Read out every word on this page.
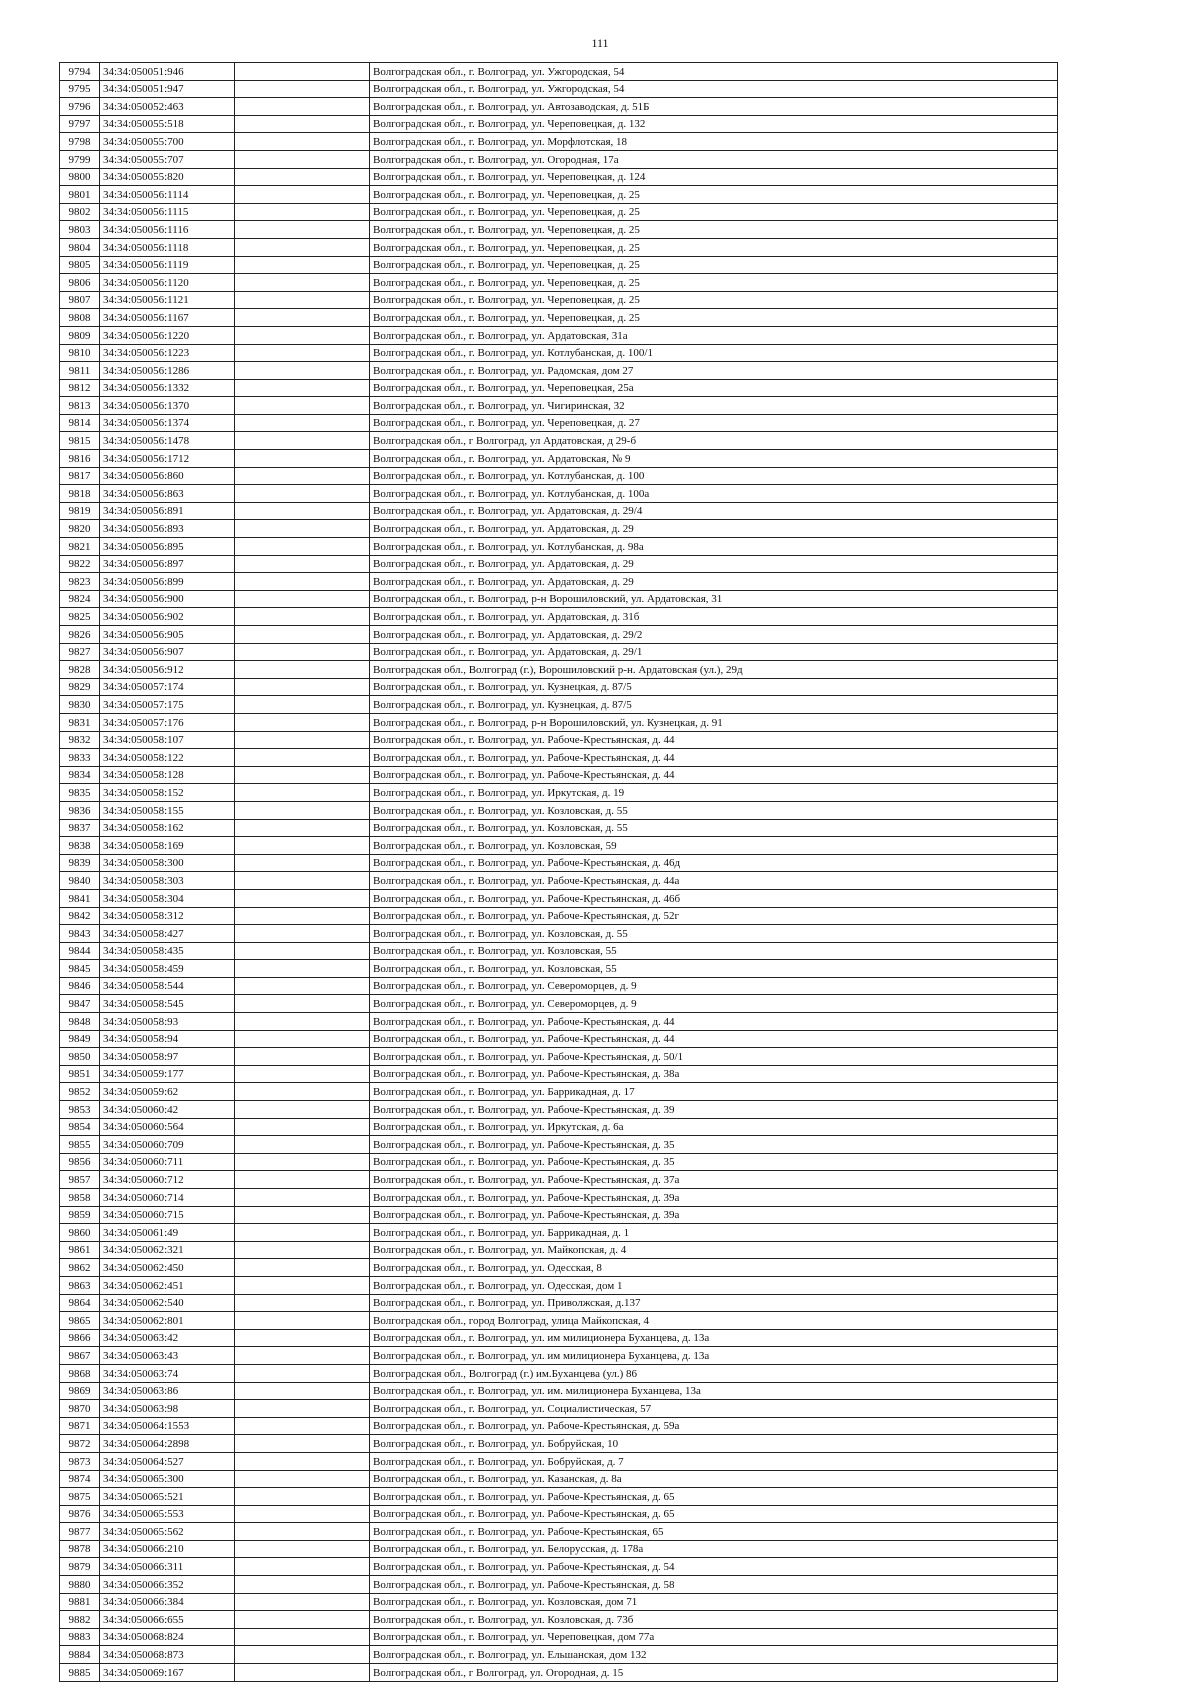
111
9794	34:34:050051:946		Волгоградская обл., г. Волгоград, ул. Ужгородская, 54
9795	34:34:050051:947		Волгоградская обл., г. Волгоград, ул. Ужгородская, 54
9796	34:34:050052:463		Волгоградская обл., г. Волгоград, ул. Автозаводская, д. 51Б
9797	34:34:050055:518		Волгоградская обл., г. Волгоград, ул. Череповецкая, д. 132
9798	34:34:050055:700		Волгоградская обл., г. Волгоград, ул. Морфлотская, 18
9799	34:34:050055:707		Волгоградская обл., г. Волгоград, ул. Огородная, 17а
9800	34:34:050055:820		Волгоградская обл., г. Волгоград, ул. Череповецкая, д. 124
9801	34:34:050056:1114		Волгоградская обл., г. Волгоград, ул. Череповецкая, д. 25
9802	34:34:050056:1115		Волгоградская обл., г. Волгоград, ул. Череповецкая, д. 25
9803	34:34:050056:1116		Волгоградская обл., г. Волгоград, ул. Череповецкая, д. 25
9804	34:34:050056:1118		Волгоградская обл., г. Волгоград, ул. Череповецкая, д. 25
9805	34:34:050056:1119		Волгоградская обл., г. Волгоград, ул. Череповецкая, д. 25
9806	34:34:050056:1120		Волгоградская обл., г. Волгоград, ул. Череповецкая, д. 25
9807	34:34:050056:1121		Волгоградская обл., г. Волгоград, ул. Череповецкая, д. 25
9808	34:34:050056:1167		Волгоградская обл., г. Волгоград, ул. Череповецкая, д. 25
9809	34:34:050056:1220		Волгоградская обл., г. Волгоград, ул. Ардатовская, 31а
9810	34:34:050056:1223		Волгоградская обл., г. Волгоград, ул. Котлубанская, д. 100/1
9811	34:34:050056:1286		Волгоградская обл., г. Волгоград, ул. Радомская, дом 27
9812	34:34:050056:1332		Волгоградская обл., г. Волгоград, ул. Череповецкая, 25а
9813	34:34:050056:1370		Волгоградская обл., г. Волгоград, ул. Чигиринская, 32
9814	34:34:050056:1374		Волгоградская обл., г. Волгоград, ул. Череповецкая, д. 27
9815	34:34:050056:1478		Волгоградская обл., г Волгоград, ул Ардатовская, д 29-б
9816	34:34:050056:1712		Волгоградская обл., г. Волгоград, ул. Ардатовская, № 9
9817	34:34:050056:860		Волгоградская обл., г. Волгоград, ул. Котлубанская, д. 100
9818	34:34:050056:863		Волгоградская обл., г. Волгоград, ул. Котлубанская, д. 100а
9819	34:34:050056:891		Волгоградская обл., г. Волгоград, ул. Ардатовская, д. 29/4
9820	34:34:050056:893		Волгоградская обл., г. Волгоград, ул. Ардатовская, д. 29
9821	34:34:050056:895		Волгоградская обл., г. Волгоград, ул. Котлубанская, д. 98а
9822	34:34:050056:897		Волгоградская обл., г. Волгоград, ул. Ардатовская, д. 29
9823	34:34:050056:899		Волгоградская обл., г. Волгоград, ул. Ардатовская, д. 29
9824	34:34:050056:900		Волгоградская обл., г. Волгоград, р-н Ворошиловский, ул. Ардатовская, 31
9825	34:34:050056:902		Волгоградская обл., г. Волгоград, ул. Ардатовская, д. 31б
9826	34:34:050056:905		Волгоградская обл., г. Волгоград, ул. Ардатовская, д. 29/2
9827	34:34:050056:907		Волгоградская обл., г. Волгоград, ул. Ардатовская, д. 29/1
9828	34:34:050056:912		Волгоградская обл., Волгоград (г.), Ворошиловский р-н. Ардатовская (ул.), 29д
9829	34:34:050057:174		Волгоградская обл., г. Волгоград, ул. Кузнецкая, д. 87/5
9830	34:34:050057:175		Волгоградская обл., г. Волгоград, ул. Кузнецкая, д. 87/5
9831	34:34:050057:176		Волгоградская обл., г. Волгоград, р-н Ворошиловский, ул. Кузнецкая, д. 91
9832	34:34:050058:107		Волгоградская обл., г. Волгоград, ул. Рабоче-Крестьянская, д. 44
9833	34:34:050058:122		Волгоградская обл., г. Волгоград, ул. Рабоче-Крестьянская, д. 44
9834	34:34:050058:128		Волгоградская обл., г. Волгоград, ул. Рабоче-Крестьянская, д. 44
9835	34:34:050058:152		Волгоградская обл., г. Волгоград, ул. Иркутская, д. 19
9836	34:34:050058:155		Волгоградская обл., г. Волгоград, ул. Козловская, д. 55
9837	34:34:050058:162		Волгоградская обл., г. Волгоград, ул. Козловская, д. 55
9838	34:34:050058:169		Волгоградская обл., г. Волгоград, ул. Козловская, 59
9839	34:34:050058:300		Волгоградская обл., г. Волгоград, ул. Рабоче-Крестьянская, д. 46д
9840	34:34:050058:303		Волгоградская обл., г. Волгоград, ул. Рабоче-Крестьянская, д. 44а
9841	34:34:050058:304		Волгоградская обл., г. Волгоград, ул. Рабоче-Крестьянская, д. 46б
9842	34:34:050058:312		Волгоградская обл., г. Волгоград, ул. Рабоче-Крестьянская, д. 52г
9843	34:34:050058:427		Волгоградская обл., г. Волгоград, ул. Козловская, д. 55
9844	34:34:050058:435		Волгоградская обл., г. Волгоград, ул. Козловская, 55
9845	34:34:050058:459		Волгоградская обл., г. Волгоград, ул. Козловская, 55
9846	34:34:050058:544		Волгоградская обл., г. Волгоград, ул. Североморцев, д. 9
9847	34:34:050058:545		Волгоградская обл., г. Волгоград, ул. Североморцев, д. 9
9848	34:34:050058:93		Волгоградская обл., г. Волгоград, ул. Рабоче-Крестьянская, д. 44
9849	34:34:050058:94		Волгоградская обл., г. Волгоград, ул. Рабоче-Крестьянская, д. 44
9850	34:34:050058:97		Волгоградская обл., г. Волгоград, ул. Рабоче-Крестьянская, д. 50/1
9851	34:34:050059:177		Волгоградская обл., г. Волгоград, ул. Рабоче-Крестьянская, д. 38а
9852	34:34:050059:62		Волгоградская обл., г. Волгоград, ул. Баррикадная, д. 17
9853	34:34:050060:42		Волгоградская обл., г. Волгоград, ул. Рабоче-Крестьянская, д. 39
9854	34:34:050060:564		Волгоградская обл., г. Волгоград, ул. Иркутская, д. 6а
9855	34:34:050060:709		Волгоградская обл., г. Волгоград, ул. Рабоче-Крестьянская, д. 35
9856	34:34:050060:711		Волгоградская обл., г. Волгоград, ул. Рабоче-Крестьянская, д. 35
9857	34:34:050060:712		Волгоградская обл., г. Волгоград, ул. Рабоче-Крестьянская, д. 37а
9858	34:34:050060:714		Волгоградская обл., г. Волгоград, ул. Рабоче-Крестьянская, д. 39а
9859	34:34:050060:715		Волгоградская обл., г. Волгоград, ул. Рабоче-Крестьянская, д. 39а
9860	34:34:050061:49		Волгоградская обл., г. Волгоград, ул. Баррикадная, д. 1
9861	34:34:050062:321		Волгоградская обл., г. Волгоград, ул. Майкопская, д. 4
9862	34:34:050062:450		Волгоградская обл., г. Волгоград, ул. Одесская, 8
9863	34:34:050062:451		Волгоградская обл., г. Волгоград, ул. Одесская, дом 1
9864	34:34:050062:540		Волгоградская обл., г. Волгоград, ул. Приволжская, д.137
9865	34:34:050062:801		Волгоградская обл., город Волгоград, улица Майкопская, 4
9866	34:34:050063:42		Волгоградская обл., г. Волгоград, ул. им милиционера Буханцева, д. 13а
9867	34:34:050063:43		Волгоградская обл., г. Волгоград, ул. им милиционера Буханцева, д. 13а
9868	34:34:050063:74		Волгоградская обл., Волгоград (г.) им.Буханцева (ул.) 86
9869	34:34:050063:86		Волгоградская обл., г. Волгоград, ул. им. милиционера Буханцева, 13а
9870	34:34:050063:98		Волгоградская обл., г. Волгоград, ул. Социалистическая, 57
9871	34:34:050064:1553		Волгоградская обл., г. Волгоград, ул. Рабоче-Крестьянская, д. 59а
9872	34:34:050064:2898		Волгоградская обл., г. Волгоград, ул. Бобруйская, 10
9873	34:34:050064:527		Волгоградская обл., г. Волгоград, ул. Бобруйская, д. 7
9874	34:34:050065:300		Волгоградская обл., г. Волгоград, ул. Казанская, д. 8а
9875	34:34:050065:521		Волгоградская обл., г. Волгоград, ул. Рабоче-Крестьянская, д. 65
9876	34:34:050065:553		Волгоградская обл., г. Волгоград, ул. Рабоче-Крестьянская, д. 65
9877	34:34:050065:562		Волгоградская обл., г. Волгоград, ул. Рабоче-Крестьянская, 65
9878	34:34:050066:210		Волгоградская обл., г. Волгоград, ул. Белорусская, д. 178а
9879	34:34:050066:311		Волгоградская обл., г. Волгоград, ул. Рабоче-Крестьянская, д. 54
9880	34:34:050066:352		Волгоградская обл., г. Волгоград, ул. Рабоче-Крестьянская, д. 58
9881	34:34:050066:384		Волгоградская обл., г. Волгоград, ул. Козловская, дом 71
9882	34:34:050066:655		Волгоградская обл., г. Волгоград, ул. Козловская, д. 73б
9883	34:34:050068:824		Волгоградская обл., г. Волгоград, ул. Череповецкая, дом 77а
9884	34:34:050068:873		Волгоградская обл., г. Волгоград, ул. Ельшанская, дом 132
9885	34:34:050069:167		Волгоградская обл., г Волгоград, ул. Огородная, д. 15
